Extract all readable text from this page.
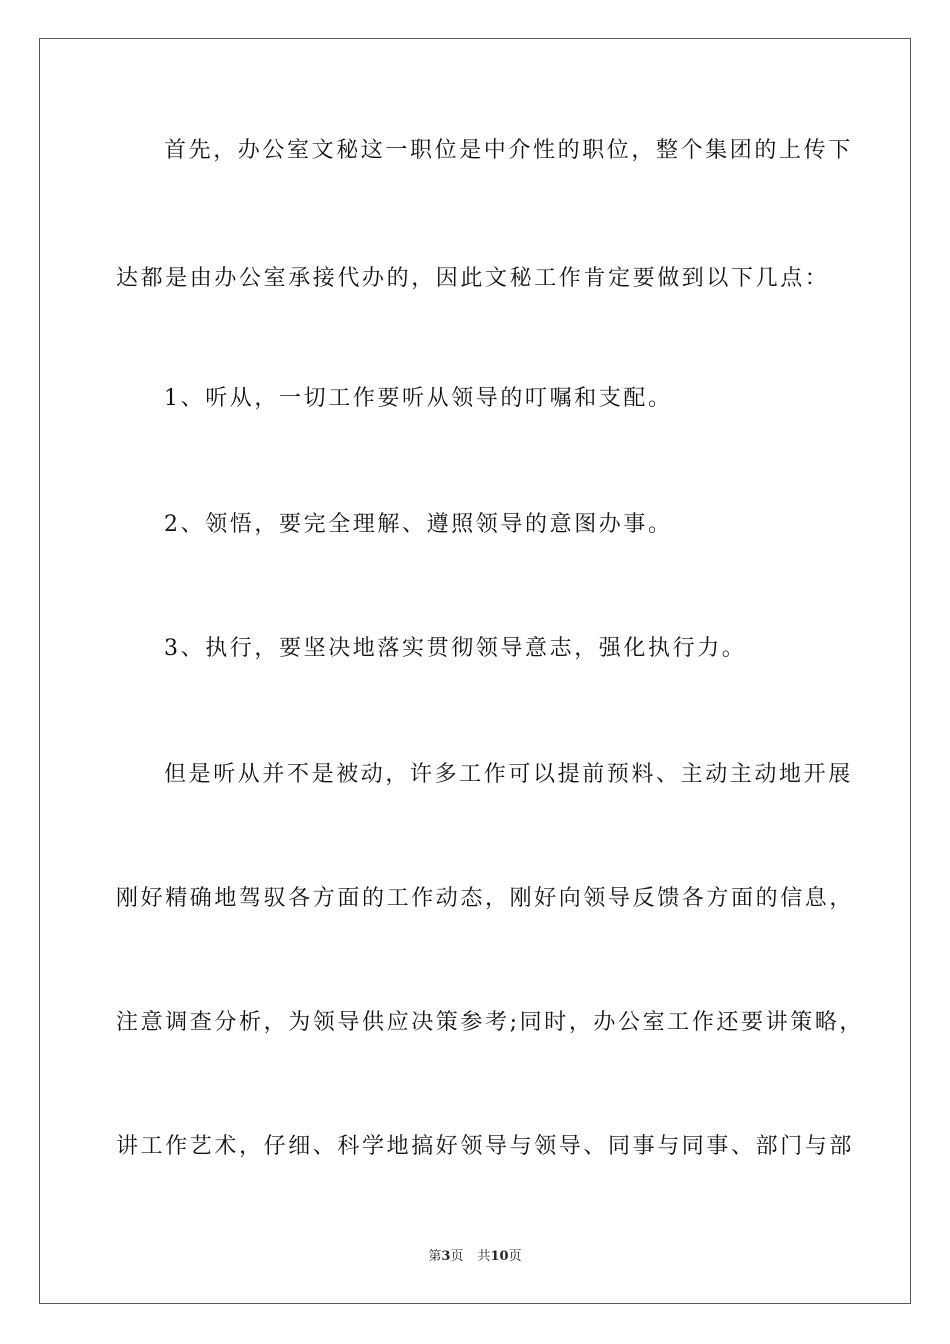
首先，办公室文秘这一职位是中介性的职位，整个集团的上传下
达都是由办公室承接代办的，因此文秘工作肯定要做到以下几点：
1、听从，一切工作要听从领导的叮嘱和支配。
2、领悟，要完全理解、遵照领导的意图办事。
3、执行，要坚决地落实贯彻领导意志，强化执行力。
但是听从并不是被动，许多工作可以提前预料、主动主动地开展
刚好精确地驾驭各方面的工作动态，刚好向领导反馈各方面的信息，
注意调查分析，为领导供应决策参考;同时，办公室工作还要讲策略，
讲工作艺术，仔细、科学地搞好领导与领导、同事与同事、部门与部
第3页 共10页
